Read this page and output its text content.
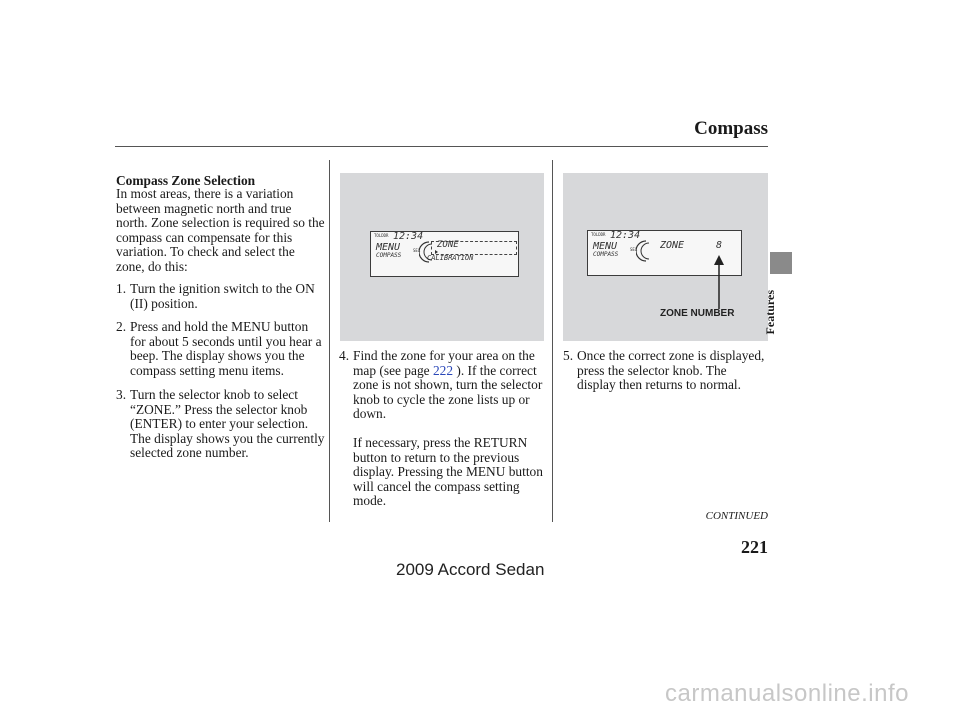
Compass
Compass Zone Selection
In most areas, there is a variation between magnetic north and true north. Zone selection is required so the compass can compensate for this variation. To check and select the zone, do this:
1. Turn the ignition switch to the ON (II) position.
2. Press and hold the MENU button for about 5 seconds until you hear a beep. The display shows you the compass setting menu items.
3. Turn the selector knob to select “ZONE.” Press the selector knob (ENTER) to enter your selection. The display shows you the currently selected zone number.
TOLDDR 12:34
MENU
COMPASS
SEL
ZONE
CALIBRATION
TOLDDR 12:34
MENU
COMPASS
SEL ZONE	8
ZONE NUMBER
4. Find the zone for your area on the map (see page 222 ). If the correct zone is not shown, turn the selector knob to cycle the zone lists up or down.
If necessary, press the RETURN button to return to the previous display. Pressing the MENU button will cancel the compass setting mode.
5. Once the correct zone is displayed, press the selector knob. The display then returns to normal.
Features
CONTINUED
221
2009 Accord Sedan
carmanualsonline.info
